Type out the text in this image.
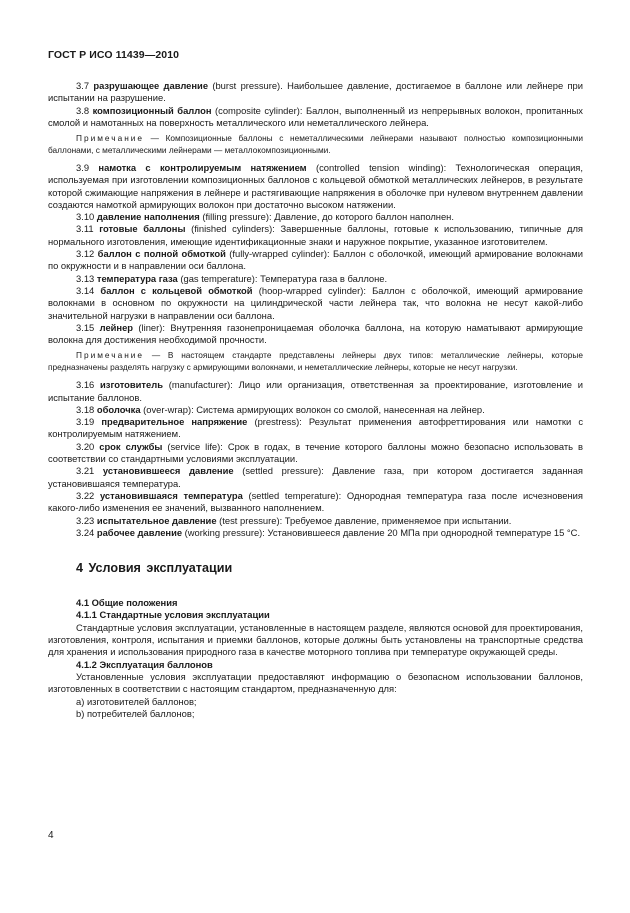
ГОСТ Р ИСО 11439—2010

3.7 разрушающее давление (burst pressure). Наибольшее давление, достигаемое в баллоне или лейнере при испытании на разрушение.

3.8 композиционный баллон (composite cylinder): Баллон, выполненный из непрерывных волокон, пропитанных смолой и намотанных на поверхность металлического или неметаллического лейнера.

Примечание — Композиционные баллоны с неметаллическими лейнерами называют полностью композиционными баллонами, с металлическими лейнерами — металлокомпозиционными.

3.9 намотка с контролируемым натяжением (controlled tension winding): Технологическая операция, используемая при изготовлении композиционных баллонов с кольцевой обмоткой металлических лейнеров, в результате которой сжимающие напряжения в лейнере и растягивающие напряжения в оболочке при нулевом внутреннем давлении создаются намоткой армирующих волокон при достаточно высоком натяжении.

3.10 давление наполнения (filling pressure): Давление, до которого баллон наполнен.

3.11 готовые баллоны (finished cylinders): Завершенные баллоны, готовые к использованию, типичные для нормального изготовления, имеющие идентификационные знаки и наружное покрытие, указанное изготовителем.

3.12 баллон с полной обмоткой (fully-wrapped cylinder): Баллон с оболочкой, имеющий армирование волокнами по окружности и в направлении оси баллона.

3.13 температура газа (gas temperature): Температура газа в баллоне.

3.14 баллон с кольцевой обмоткой (hoop-wrapped cylinder): Баллон с оболочкой, имеющий армирование волокнами в основном по окружности на цилиндрической части лейнера так, что волокна не несут какой-либо значительной нагрузки в направлении оси баллона.

3.15 лейнер (liner): Внутренняя газонепроницаемая оболочка баллона, на которую наматывают армирующие волокна для достижения необходимой прочности.

Примечание — В настоящем стандарте представлены лейнеры двух типов: металлические лейнеры, которые предназначены разделять нагрузку с армирующими волокнами, и неметаллические лейнеры, которые не несут нагрузки.

3.16 изготовитель (manufacturer): Лицо или организация, ответственная за проектирование, изготовление и испытание баллонов.

3.18 оболочка (over-wrap): Система армирующих волокон со смолой, нанесенная на лейнер.

3.19 предварительное напряжение (prestress): Результат применения автофреттирования или намотки с контролируемым натяжением.

3.20 срок службы (service life): Срок в годах, в течение которого баллоны можно безопасно использовать в соответствии со стандартными условиями эксплуатации.

3.21 установившееся давление (settled pressure): Давление газа, при котором достигается заданная установившаяся температура.

3.22 установившаяся температура (settled temperature): Однородная температура газа после исчезновения какого-либо изменения ее значений, вызванного наполнением.

3.23 испытательное давление (test pressure): Требуемое давление, применяемое при испытании.

3.24 рабочее давление (working pressure): Установившееся давление 20 МПа при однородной температуре 15 °С.

4 Условия эксплуатации
4.1 Общие положения
4.1.1 Стандартные условия эксплуатации

Стандартные условия эксплуатации, установленные в настоящем разделе, являются основой для проектирования, изготовления, контроля, испытания и приемки баллонов, которые должны быть установлены на транспортные средства для хранения и использования природного газа в качестве моторного топлива при температуре окружающей среды.

4.1.2 Эксплуатация баллонов

Установленные условия эксплуатации предоставляют информацию о безопасном использовании баллонов, изготовленных в соответствии с настоящим стандартом, предназначенную для:

а) изготовителей баллонов;

b) потребителей баллонов;

4
